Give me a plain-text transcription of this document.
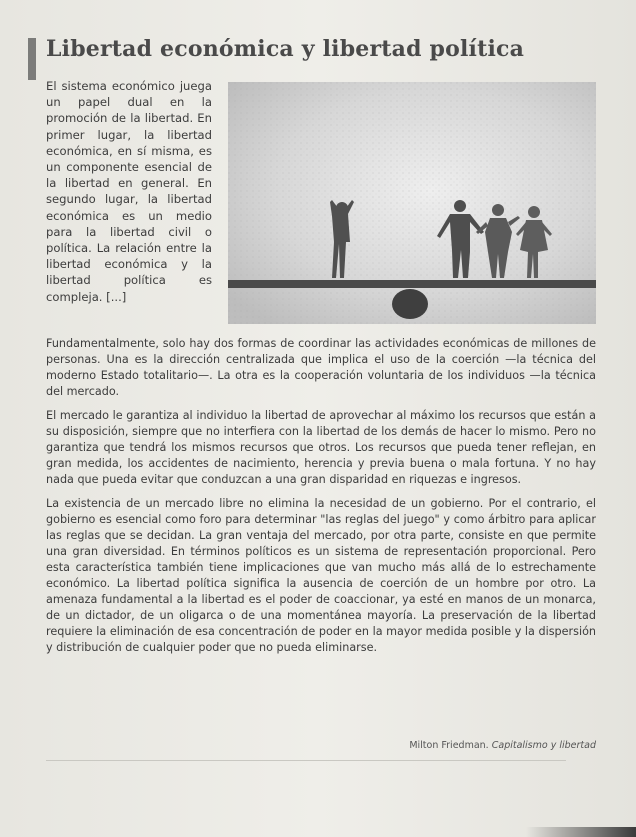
Libertad económica y libertad política

El sistema económico juega un papel dual en la promoción de la libertad. En primer lugar, la libertad económica, en sí misma, es un componente esencial de la libertad en general. En segundo lugar, la libertad económica es un medio para la libertad civil o política. La relación entre la libertad económica y la libertad política es compleja. [...]

Fundamentalmente, solo hay dos formas de coordinar las actividades económicas de millones de personas. Una es la dirección centralizada que implica el uso de la coerción —la técnica del moderno Estado totalitario—. La otra es la cooperación voluntaria de los individuos —la técnica del mercado.

El mercado le garantiza al individuo la libertad de aprovechar al máximo los recursos que están a su disposición, siempre que no interfiera con la libertad de los demás de hacer lo mismo. Pero no garantiza que tendrá los mismos recursos que otros. Los recursos que pueda tener reflejan, en gran medida, los accidentes de nacimiento, herencia y previa buena o mala fortuna. Y no hay nada que pueda evitar que conduzcan a una gran disparidad en riquezas e ingresos.

La existencia de un mercado libre no elimina la necesidad de un gobierno. Por el contrario, el gobierno es esencial como foro para determinar "las reglas del juego" y como árbitro para aplicar las reglas que se decidan. La gran ventaja del mercado, por otra parte, consiste en que permite una gran diversidad. En términos políticos es un sistema de representación proporcional. Pero esta característica también tiene implicaciones que van mucho más allá de lo estrechamente económico. La libertad política significa la ausencia de coerción de un hombre por otro. La amenaza fundamental a la libertad es el poder de coaccionar, ya esté en manos de un monarca, de un dictador, de un oligarca o de una momentánea mayoría. La preservación de la libertad requiere la eliminación de esa concentración de poder en la mayor medida posible y la dispersión y distribución de cualquier poder que no pueda eliminarse.

Milton Friedman. Capitalismo y libertad
